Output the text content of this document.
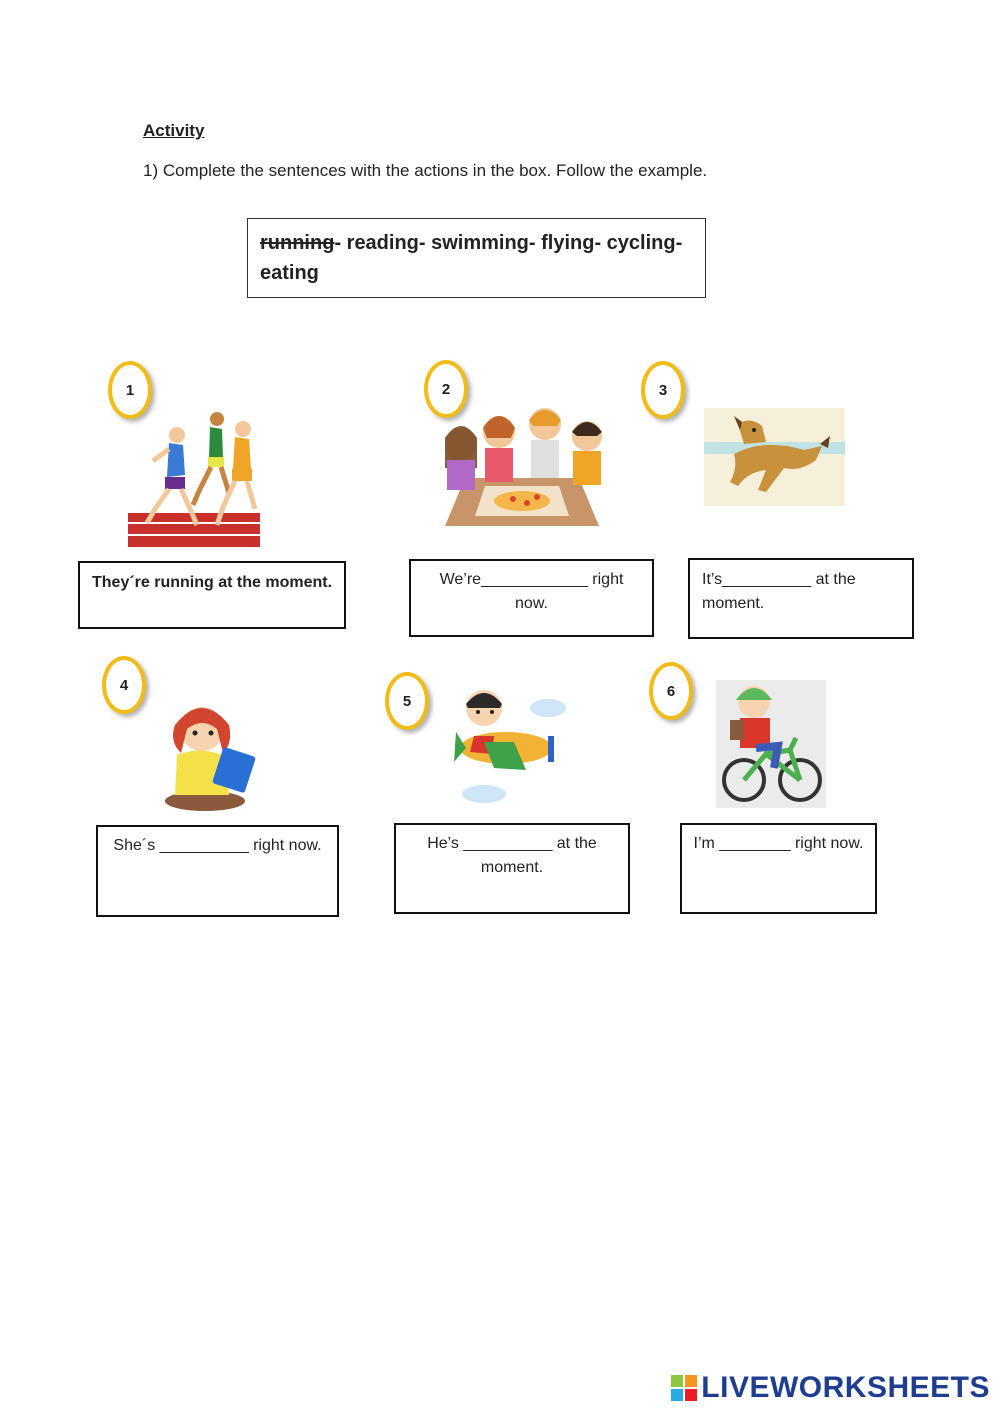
Activity
1) Complete the sentences with the actions in the box. Follow the example.
running- reading- swimming- flying- cycling- eating
1
They´re running at the moment.
2
We’re____________ right now.
3
It’s__________ at the moment.
4
She´s __________ right now.
5
He’s __________ at the moment.
6
I’m ________ right now.
LIVEWORKSHEETS
